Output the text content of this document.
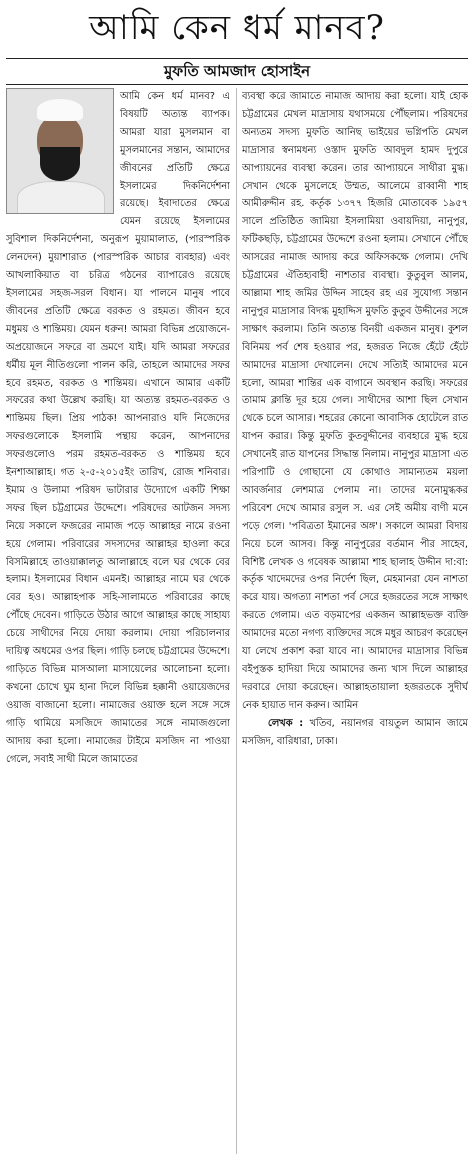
আমি কেন ধর্ম মানব?
মুফতি আমজাদ হোসাইন

আমি কেন ধর্ম মানব? এ বিষয়টি অত্যন্ত ব্যাপক। আমরা যারা মুসলমান বা মুসলমানের সন্তান, আমাদের জীবনের প্রতিটি ক্ষেত্রে ইসলামের দিকনির্দেশনা রয়েছে। ইবাদাতের ক্ষেত্রে যেমন রয়েছে ইসলামের সুবিশাল দিকনির্দেশনা, অনুরূপ মুয়ামালাত, (পারস্পরিক লেনদেন) মুয়াশারাত (পারস্পরিক আচার ব্যবহার) এবং আখলাকিয়াত বা চরিত্র গঠনের ব্যাপারেও রয়েছে ইসলামের সহজ-সরল বিধান। যা পালনে মানুষ পাবে জীবনের প্রতিটি ক্ষেত্রে বরকত ও রহমত। জীবন হবে মধুময় ও শান্তিময়। যেমন ধরুন! আমরা বিভিন্ন প্রয়োজনে-অপ্রয়োজনে সফরে বা ভ্রমণে যাই। যদি আমরা সফরের ধর্মীয় মূল নীতিগুলো পালন করি, তাহলে আমাদের সফর হবে রহমত, বরকত ও শান্তিময়। এখানে আমার একটি সফরের কথা উল্লেখ করছি। যা অত্যন্ত রহমত-বরকত ও শান্তিময় ছিল। প্রিয় পাঠক! আপনারাও যদি নিজেদের সফরগুলোকে ইসলামি পন্থায় করেন, আপনাদের সফরগুলোও পরম রহমত-বরকত ও শান্তিময় হবে ইনশাআল্লাহ। গত ২-৫-২০১৫ইং তারিখ, রোজ শনিবার। ইমাম ও উলামা পরিষদ ভাটারার উদ্যোগে একটি শিক্ষা সফর ছিল চট্টগ্রামের উদ্দেশে। পরিষদের আটজন সদস্য নিয়ে সকালে ফজরের নামাজ পড়ে আল্লাহর নামে রওনা হয়ে গেলাম। পরিবারের সদস্যদের আল্লাহর হাওলা করে বিসমিল্লাহে তাওয়াক্কালতু আলাল্লাহে বলে ঘর থেকে বের হলাম। ইসলামের বিধান এমনই। আল্লাহর নামে ঘর থেকে বের হও। আল্লাহপাক সহি-সালামতে পরিবারের কাছে পৌঁছে দেবেন। গাড়িতে উঠার আগে আল্লাহর কাছে সাহায্য চেয়ে সাথীদের নিয়ে দোয়া করলাম। দোয়া পরিচালনার দায়িত্ব অধমের ওপর ছিল। গাড়ি চলছে চট্টগ্রামের উদ্দেশে। গাড়িতে বিভিন্ন মাসআলা মাসায়েলের আলোচনা হলো। কখনো চোখে ঘুম হানা দিলে বিভিন্ন হক্কানী ওয়ায়েজদের ওয়াজ বাজানো হলো। নামাজের ওয়াক্ত হলে সঙ্গে সঙ্গে গাড়ি থামিয়ে মসজিদে জামাতের সঙ্গে নামাজগুলো আদায় করা হলো। নামাজের টাইমে মসজিদ না পাওয়া গেলে, সবাই সাথী মিলে জামাতের

ব্যবস্থা করে জামাতে নামাজ আদায় করা হলো। যাই হোক চট্টগ্রামের মেখল মাদ্রাসায় যথাসময়ে পৌঁছলাম। পরিষদের অন্যতম সদস্য মুফতি আনিছ ভাইয়ের ভগ্নিপতি মেখল মাদ্রাসার স্বনামধন্য ওস্তাদ মুফতি আবদুল হামদ দুপুরে আপ্যায়নের ব্যবস্থা করেন। তার আপ্যায়নে সাথীরা মুগ্ধ। সেখান থেকে মুসলেহে উম্মত, আলেমে রাব্বানী শাহ আমীরুদ্দীন রহ. কর্তৃক ১৩৭৭ হিজরি মোতাবেক ১৯৫৭ সালে প্রতিষ্ঠিত জামিয়া ইসলামিয়া ওবায়দিয়া, নানুপুর, ফটিকছড়ি, চট্টগ্রামের উদ্দেশে রওনা হলাম। সেখানে পৌঁছে আসরের নামাজ আদায় করে অফিসকক্ষে গেলাম। দেখি চট্টগ্রামের ঐতিহ্যবাহী নাশতার ব্যবস্থা। কুতুবুল আলম, আল্লামা শাহ জমির উদ্দিন সাহেব রহ এর সুযোগ্য সন্তান নানুপুর মাদ্রাসার বিদগ্ধ মুহাদ্দিস মুফতি কুতুব উদ্দীনের সঙ্গে সাক্ষাৎ করলাম। তিনি অত্যন্ত বিনয়ী একজন মানুষ। কুশল বিনিময় পর্ব শেষ হওয়ার পর, হজরত নিজে হেঁটে হেঁটে আমাদের মাদ্রাসা দেখালেন। দেখে সত্যিই আমাদের মনে হলো, আমরা শান্তির এক বাগানে অবস্থান করছি। সফরের তামাম ক্লান্তি দূর হয়ে গেল। সাথীদের আশা ছিল সেখান থেকে চলে আসার। শহরের কোনো আবাসিক হোটেলে রাত যাপন করার। কিন্তু মুফতি কুতবুদ্দীনের ব্যবহারে মুগ্ধ হয়ে সেখানেই রাত যাপনের সিদ্ধান্ত নিলাম। নানুপুর মাদ্রাসা এত পরিপাটি ও গোছানো যে কোথাও সামান্যতম ময়লা আবর্জনার লেশমাত্র পেলাম না। তাদের মনোমুগ্ধকর পরিবেশ দেখে আমার রসুল স. এর সেই অমীয় বাণী মনে পড়ে গেল। 'পবিত্রতা ইমানের অঙ্গ'। সকালে আমরা বিদায় নিয়ে চলে আসব। কিন্তু নানুপুরের বর্তমান পীর সাহেব, বিশিষ্ট লেখক ও গবেষক আল্লামা শাহ ছালাহ উদ্দীন দা:বা: কর্তৃক খাদেমদের ওপর নির্দেশ ছিল, মেহমানরা যেন নাশতা করে যায়। অগত্যা নাশতা পর্ব সেরে হজরতের সঙ্গে সাক্ষাৎ করতে গেলাম। এত বড়মাপের একজন আল্লাহভক্ত ব্যক্তি আমাদের মতো নগণ্য ব্যক্তিদের সঙ্গে মধুর আচরণ করেছেন যা লেখে প্রকাশ করা যাবে না। আমাদের মাদ্রাসার বিভিন্ন বইপুস্তক হাদিয়া দিয়ে আমাদের জন্য খাস দিলে আল্লাহর দরবারে দোয়া করেছেন। আল্লাহতায়ালা হজরতকে সুদীর্ঘ নেক হায়াত দান করুন। আমিন

লেখক : খতিব, নয়ানগর বায়তুল আমান জামে মসজিদ, বারিধারা, ঢাকা।
